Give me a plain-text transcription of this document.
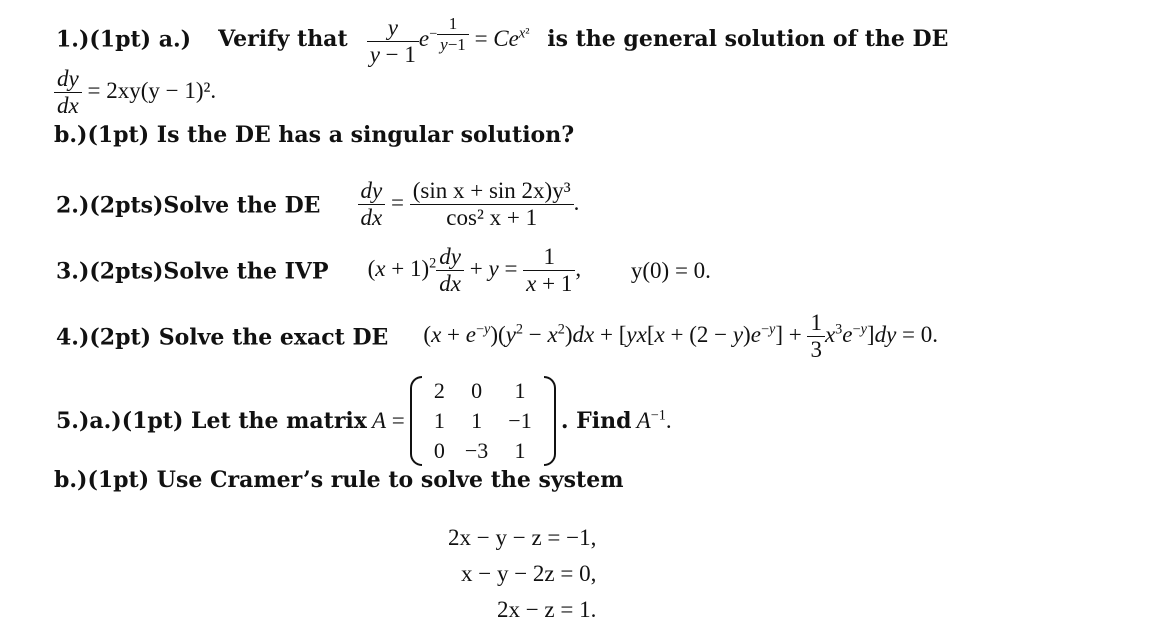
1.)(1pt) a.) Verify that $\frac{y}{y - 1} e^{- \frac{1}{y-1}} = Ce^{x^2}$ is the general solution of the DE
$\frac{dy}{dx} = 2xy(y - 1)^2$.
b.)(1pt) Is the DE has a singular solution?
2.)(2pts)Solve the DE $\frac{dy}{dx} = \frac{\text{(sin x + sin 2x)y³}}{\text{cos² x + 1}}$ .
3.)(2pts)Solve the IVP $(x + 1)^2 \frac{dy}{dx} + y = \frac{1}{x + 1}$ , y(0) = 0.
4.)(2pt) Solve the exact DE $(x + e^{-y})(y^2 - x^2)dx + [yx[x + (2 - y)e^{-y}] + \frac{1}{3} x^3e^{-y}]dy = 0$.
5.)a.)(1pt) Let the matrix A =
2	0	1
1	1	−1
0	−3	1
. Find $A^{-1}$.
b.)(1pt) Use Cramer’s rule to solve the system
2x − y − z = −1,
x − y − 2z = 0,
2x − z = 1.
